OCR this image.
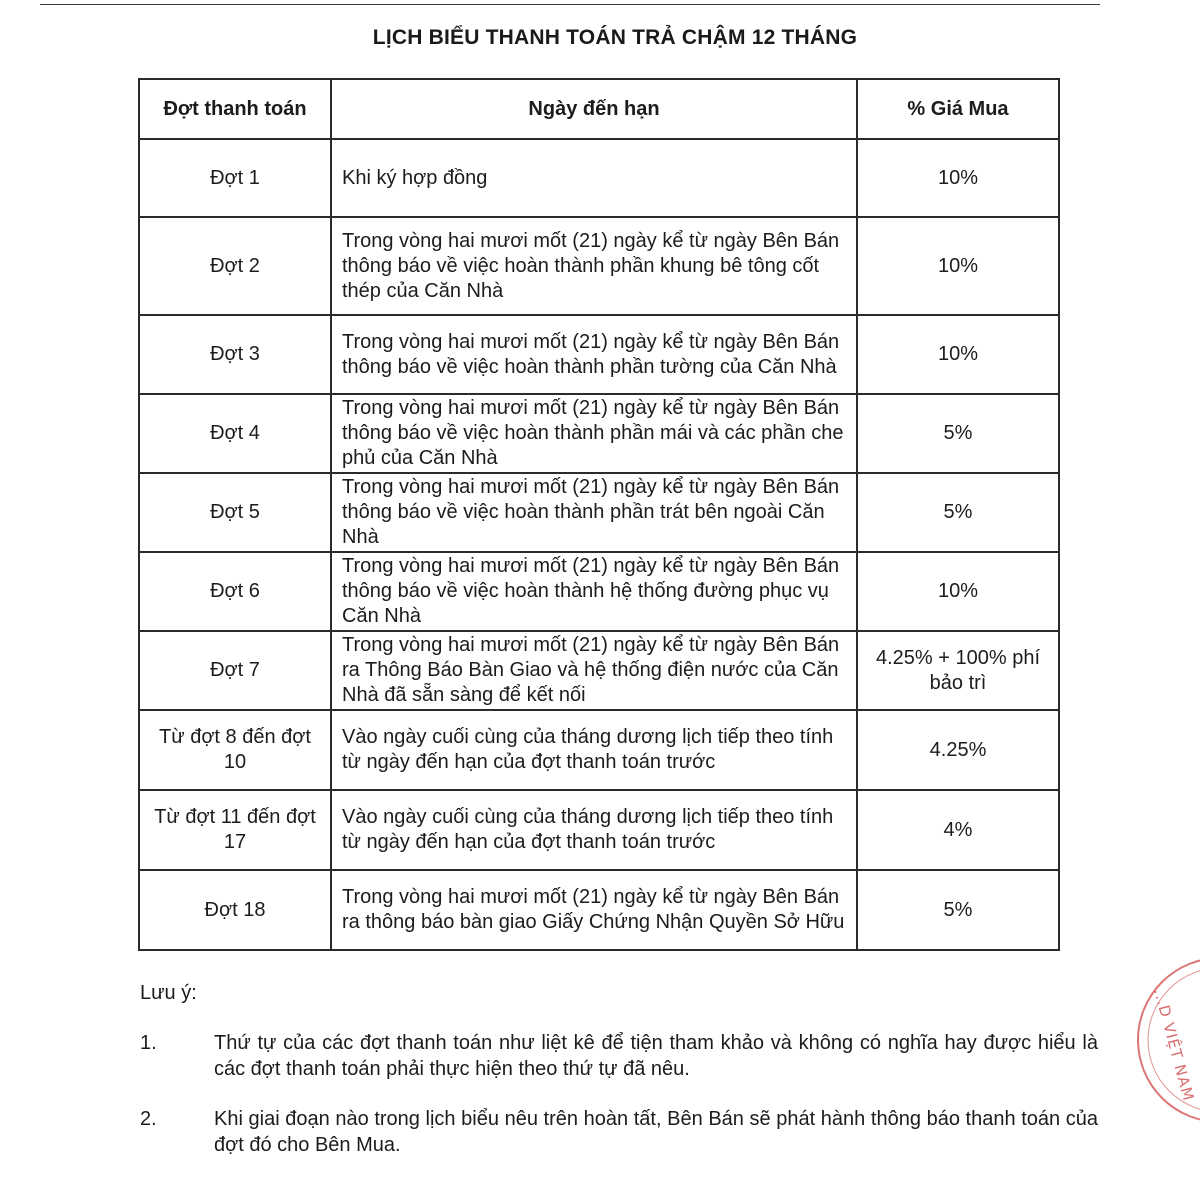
LỊCH BIỂU THANH TOÁN TRẢ CHẬM 12 THÁNG
Đợt thanh toán	Ngày đến hạn	% Giá Mua
Đợt 1	Khi ký hợp đồng	10%
Đợt 2	Trong vòng hai mươi mốt (21) ngày kể từ ngày Bên Bán thông báo về việc hoàn thành phần khung bê tông cốt thép của Căn Nhà	10%
Đợt 3	Trong vòng hai mươi mốt (21) ngày kể từ ngày Bên Bán thông báo về việc hoàn thành phần tường của Căn Nhà	10%
Đợt 4	Trong vòng hai mươi mốt (21) ngày kể từ ngày Bên Bán thông báo về việc hoàn thành phần mái và các phần che phủ của Căn Nhà	5%
Đợt 5	Trong vòng hai mươi mốt (21) ngày kể từ ngày Bên Bán thông báo về việc hoàn thành phần trát bên ngoài Căn Nhà	5%
Đợt 6	Trong vòng hai mươi mốt (21) ngày kể từ ngày Bên Bán thông báo về việc hoàn thành hệ thống đường phục vụ Căn Nhà	10%
Đợt 7	Trong vòng hai mươi mốt (21) ngày kể từ ngày Bên Bán ra Thông Báo Bàn Giao và hệ thống điện nước của Căn Nhà đã sẵn sàng để kết nối	4.25% + 100% phí bảo trì
Từ đợt 8 đến đợt 10	Vào ngày cuối cùng của tháng dương lịch tiếp theo tính từ ngày đến hạn của đợt thanh toán trước	4.25%
Từ đợt 11 đến đợt 17	Vào ngày cuối cùng của tháng dương lịch tiếp theo tính từ ngày đến hạn của đợt thanh toán trước	4%
Đợt 18	Trong vòng hai mươi mốt (21) ngày kể từ ngày Bên Bán ra thông báo bàn giao Giấy Chứng Nhận Quyền Sở Hữu	5%
Lưu ý:
1.	Thứ tự của các đợt thanh toán như liệt kê để tiện tham khảo và không có nghĩa hay được hiểu là các đợt thanh toán phải thực hiện theo thứ tự đã nêu.
2.	Khi giai đoạn nào trong lịch biểu nêu trên hoàn tất, Bên Bán sẽ phát hành thông báo thanh toán của đợt đó cho Bên Mua.
...D VIỆT NAM
